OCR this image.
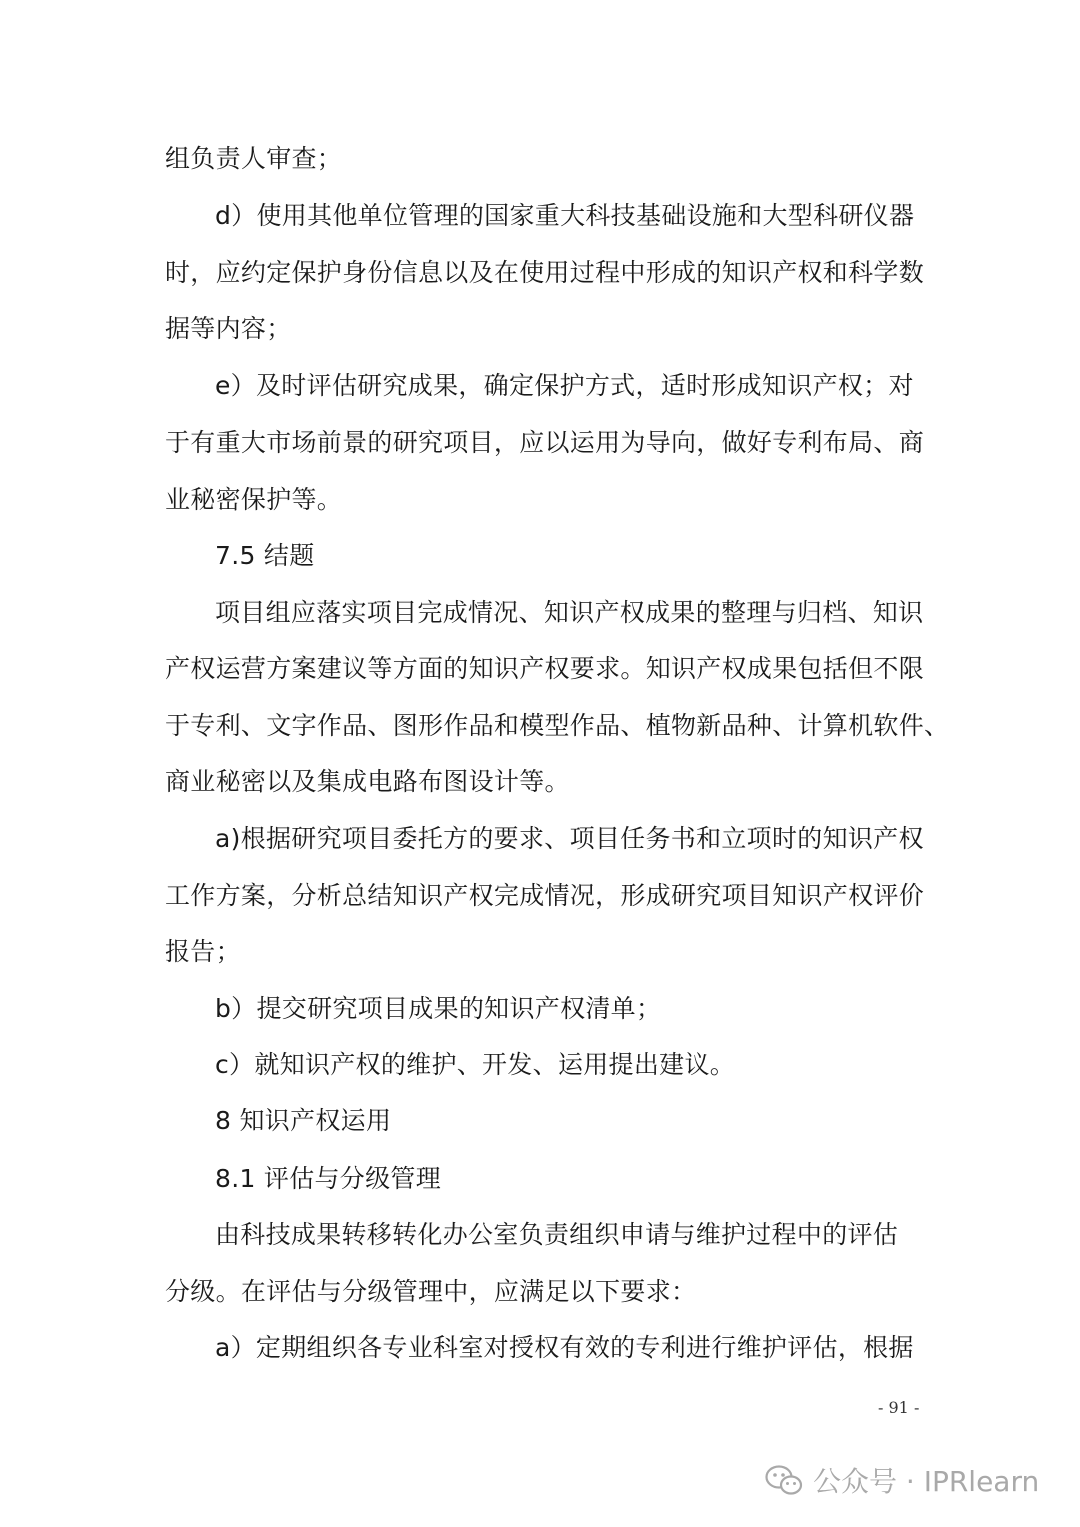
组负责人审查；
d）使用其他单位管理的国家重大科技基础设施和大型科研仪器
时，应约定保护身份信息以及在使用过程中形成的知识产权和科学数
据等内容；
e）及时评估研究成果，确定保护方式，适时形成知识产权；对
于有重大市场前景的研究项目，应以运用为导向，做好专利布局、商
业秘密保护等。
7.5 结题
项目组应落实项目完成情况、知识产权成果的整理与归档、知识
产权运营方案建议等方面的知识产权要求。知识产权成果包括但不限
于专利、文字作品、图形作品和模型作品、植物新品种、计算机软件、
商业秘密以及集成电路布图设计等。
a)根据研究项目委托方的要求、项目任务书和立项时的知识产权
工作方案，分析总结知识产权完成情况，形成研究项目知识产权评价
报告；
b）提交研究项目成果的知识产权清单；
c）就知识产权的维护、开发、运用提出建议。
8 知识产权运用
8.1 评估与分级管理
由科技成果转移转化办公室负责组织申请与维护过程中的评估
分级。在评估与分级管理中，应满足以下要求：
a）定期组织各专业科室对授权有效的专利进行维护评估，根据
- 91 -
公众号 · IPRlearn
